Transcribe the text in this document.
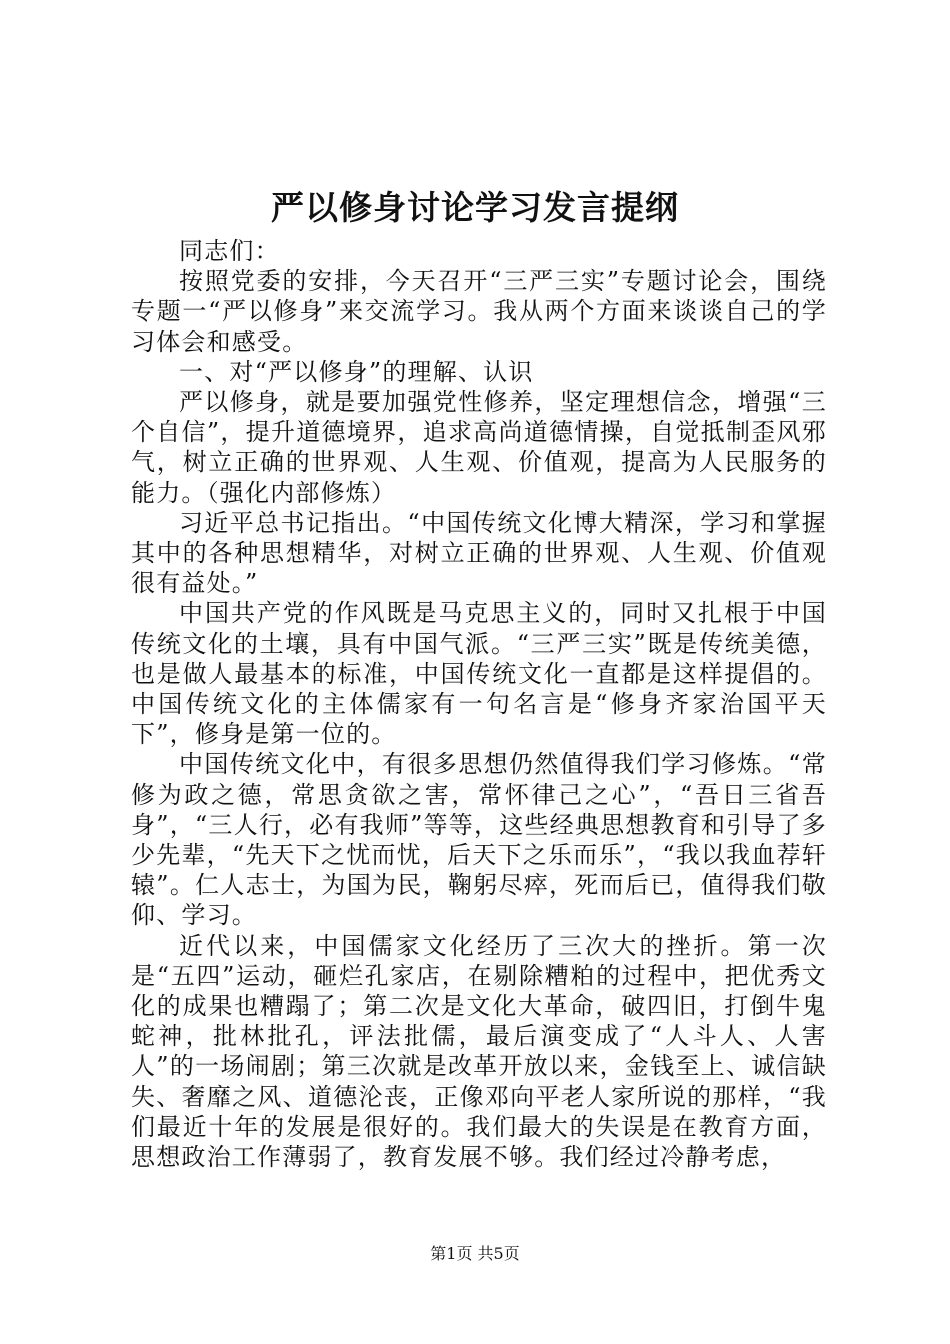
严以修身讨论学习发言提纲

同志们：

按照党委的安排，今天召开“三严三实”专题讨论会，围绕专题一“严以修身”来交流学习。我从两个方面来谈谈自己的学习体会和感受。

一、对“严以修身”的理解、认识

严以修身，就是要加强党性修养，坚定理想信念，增强“三个自信”，提升道德境界，追求高尚道德情操，自觉抵制歪风邪气，树立正确的世界观、人生观、价值观，提高为人民服务的能力。（强化内部修炼）

习近平总书记指出。“中国传统文化博大精深，学习和掌握其中的各种思想精华，对树立正确的世界观、人生观、价值观很有益处。”

中国共产党的作风既是马克思主义的，同时又扎根于中国传统文化的土壤，具有中国气派。“三严三实”既是传统美德，也是做人最基本的标准，中国传统文化一直都是这样提倡的。中国传统文化的主体儒家有一句名言是“修身齐家治国平天下”，修身是第一位的。

中国传统文化中，有很多思想仍然值得我们学习修炼。“常修为政之德，常思贪欲之害，常怀律己之心”，“吾日三省吾身”，“三人行，必有我师”等等，这些经典思想教育和引导了多少先辈，“先天下之忧而忧，后天下之乐而乐”，“我以我血荐轩辕”。仁人志士，为国为民，鞠躬尽瘁，死而后已，值得我们敬仰、学习。

近代以来，中国儒家文化经历了三次大的挫折。第一次是“五四”运动，砸烂孔家店，在剔除糟粕的过程中，把优秀文化的成果也糟蹋了；第二次是文化大革命，破四旧，打倒牛鬼蛇神，批林批孔，评法批儒，最后演变成了“人斗人、人害人”的一场闹剧；第三次就是改革开放以来，金钱至上、诚信缺失、奢靡之风、道德沦丧，正像邓向平老人家所说的那样，“我们最近十年的发展是很好的。我们最大的失误是在教育方面，思想政治工作薄弱了，教育发展不够。我们经过冷静考虑，

第1页 共5页
